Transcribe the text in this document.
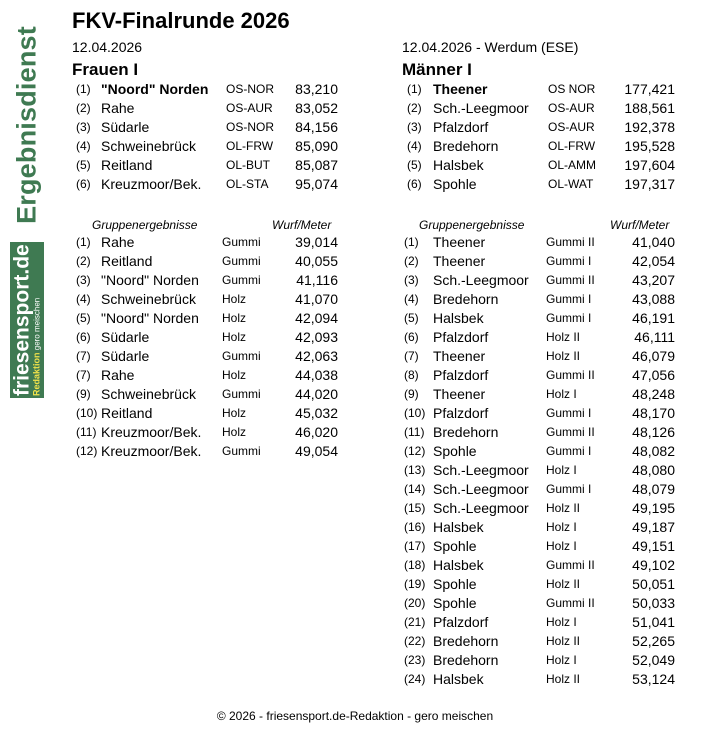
Ergebnisdienst
friesensport.de
Redaktion gero meischen
FKV-Finalrunde 2026
12.04.2026	12.04.2026 - Werdum (ESE)
Frauen I	Männer I
(1) "Noord" Norden OS-NOR 83,210
(2) Rahe	OS-AUR 83,052
(3) Südarle	OS-NOR 84,156
(4) Schweinebrück	OL-FRW 85,090
(5) Reitland	OL-BUT 85,087
(6) Kreuzmoor/Bek. OL-STA 95,074
(1) Theener	OS NOR 177,421
(2) Sch.-Leegmoor OS-AUR 188,561
(3) Pfalzdorf	OS-AUR 192,378
(4) Bredehorn	OL-FRW 195,528
(5) Halsbek	OL-AMM 197,604
(6) Spohle	OL-WAT 197,317
Gruppenergebnisse	Wurf/Meter	Gruppenergebnisse	Wurf/Meter
(1) Rahe	Gummi 39,014
(2) Reitland	Gummi 40,055
(3) "Noord" Norden Gummi	41,116
(4) Schweinebrück Holz	41,070
(5) "Noord" Norden Holz	42,094
(6) Südarle	Holz	42,093
(7) Südarle	Gummi 42,063
(7) Rahe	Holz	44,038
(9) Schweinebrück Gummi 44,020
(10) Reitland	Holz	45,032
(11) Kreuzmoor/Bek. Holz	46,020
(12) Kreuzmoor/Bek. Gummi 49,054
(1) Theener	Gummi II	41,040
(2) Theener	Gummi I	42,054
(3) Sch.-Leegmoor Gummi II	43,207
(4) Bredehorn	Gummi I	43,088
(5) Halsbek	Gummi I	46,191
(6) Pfalzdorf	Holz II	46,111
(7) Theener	Holz II	46,079
(8) Pfalzdorf	Gummi II	47,056
(9) Theener	Holz I	48,248
(10) Pfalzdorf	Gummi I	48,170
(11) Bredehorn	Gummi II	48,126
(12) Spohle	Gummi I	48,082
(13) Sch.-Leegmoor Holz I	48,080
(14) Sch.-Leegmoor Gummi I	48,079
(15) Sch.-Leegmoor Holz II	49,195
(16) Halsbek	Holz I	49,187
(17) Spohle	Holz I	49,151
(18) Halsbek	Gummi II	49,102
(19) Spohle	Holz II	50,051
(20) Spohle	Gummi II	50,033
(21) Pfalzdorf	Holz I	51,041
(22) Bredehorn	Holz II	52,265
(23) Bredehorn	Holz I	52,049
(24) Halsbek	Holz II	53,124
© 2026 - friesensport.de-Redaktion - gero meischen
